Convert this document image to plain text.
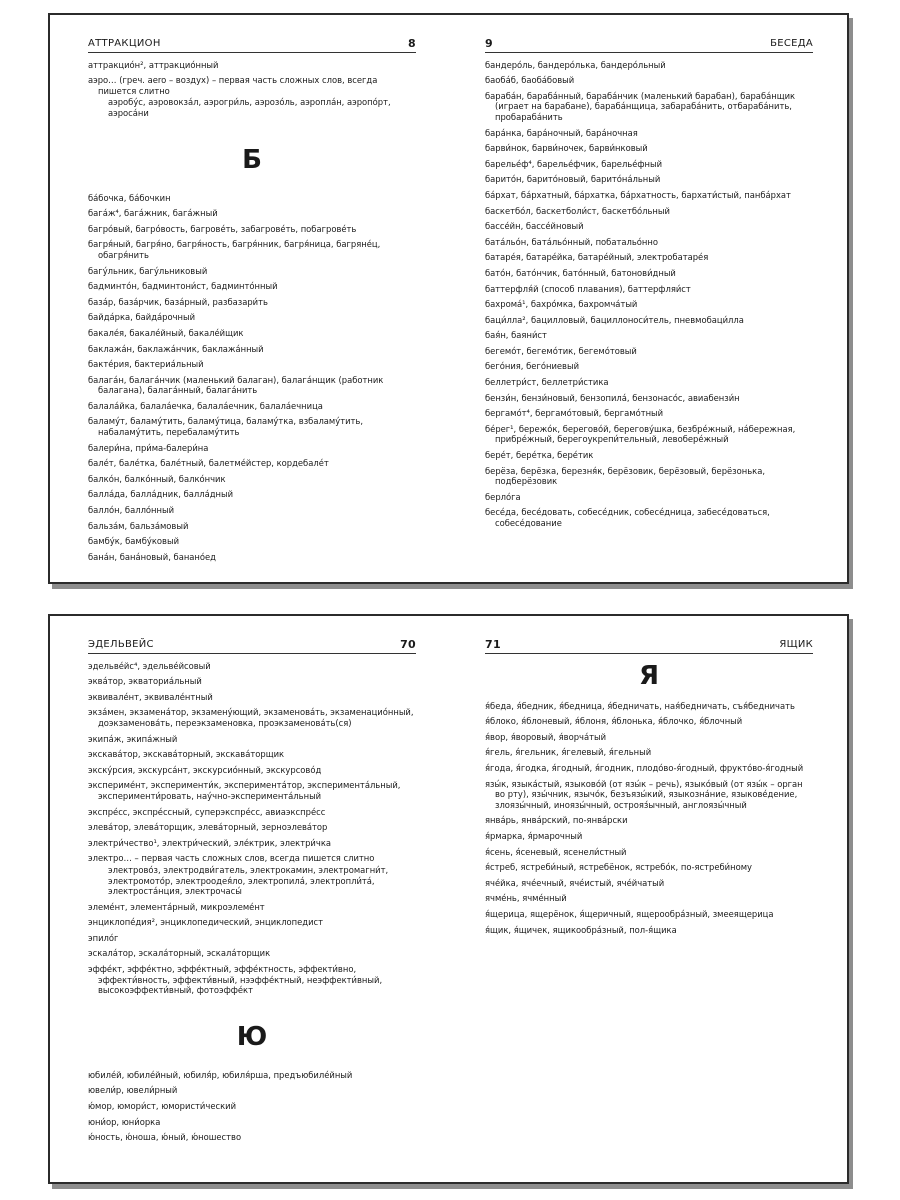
АТТРАКЦИОН	8
аттракцио́н², аттракцио́нный
аэро… (греч. aero – воздух) – первая часть сложных слов, всегда пишется слитно
аэробу́с, аэровокза́л, аэрогри́ль, аэрозо́ль, аэропла́н, аэропо́рт, аэроса́ни
Б
ба́бочка, ба́бочкин
бага́ж⁴, бага́жник, бага́жный
багро́вый, багро́вость, багрове́ть, забагрове́ть, побагрове́ть
багря́ный, багря́но, багря́ность, багря́нник, багря́ница, багряне́ц, обагря́нить
багу́льник, багу́льниковый
бадминто́н, бадминтони́ст, бадминто́нный
база́р, база́рчик, база́рный, разбазари́ть
байда́рка, байда́рочный
бакале́я, бакале́йный, бакале́йщик
баклажа́н, баклажа́нчик, баклажа́нный
бакте́рия, бактериа́льный
балага́н, балага́нчик (маленький балаган), балага́нщик (работник балагана), балага́нный, балага́нить
балала́йка, балала́ечка, балала́ечник, балала́ечница
баламу́т, баламу́тить, баламу́тица, баламу́тка, взбаламу́тить, набаламу́тить, перебаламу́тить
балери́на, при́ма-балери́на
бале́т, бале́тка, бале́тный, балетме́йстер, кордебале́т
балко́н, балко́нный, балко́нчик
балла́да, балла́дник, балла́дный
балло́н, балло́нный
бальза́м, бальза́мовый
бамбу́к, бамбу́ковый
бана́н, бана́новый, банано́ед
9	БЕСЕДА
бандеро́ль, бандеро́лька, бандеро́льный
баоба́б, баоба́бовый
бараба́н, бараба́нный, бараба́нчик (маленький барабан), бараба́нщик (играет на барабане), бараба́нщица, забараба́нить, отбараба́нить, пробараба́нить
бара́нка, бара́ночный, бара́ночная
барви́нок, барви́ночек, барви́нковый
барелье́ф⁴, барелье́фчик, барелье́фный
барито́н, барито́новый, барито́на́льный
ба́рхат, ба́рхатный, ба́рхатка, ба́рхатность, бархати́стый, панба́рхат
баскетбо́л, баскетболи́ст, баскетбо́льный
бассе́йн, бассе́йновый
бата́льо́н, бата́льо́нный, побатальо́нно
батаре́я, батаре́йка, батаре́йный, электробатаре́я
бато́н, бато́нчик, бато́нный, батонови́дный
баттерфля́й (способ плавания), баттерфляи́ст
бахрома́¹, бахро́мка, бахромча́тый
баци́лла², бацилловый, бациллоноси́тель, пневмобаци́лла
бая́н, баяни́ст
бегемо́т, бегемо́тик, бегемо́товый
бего́ния, бего́ниевый
беллетри́ст, беллетри́стика
бензи́н, бензи́новый, бензопила́, бензонасо́с, авиабензи́н
бергамо́т⁴, бергамо́товый, бергамо́тный
бе́рег¹, бережо́к, берегово́й, берегову́шка, безбре́жный, на́бережная, прибре́жный, берегоукрепи́тельный, левобере́жный
бере́т, бере́тка, бере́тик
берёза, берёзка, березня́к, берёзовик, берёзовый, берёзонька, подберёзовик
берло́га
бесе́да, бесе́довать, собесе́дник, собесе́дница, забесе́доваться, собесе́дование
ЭДЕЛЬВЕЙС	70
эдельве́йс⁴, эдельве́йсовый
эква́тор, экваториа́льный
эквивале́нт, эквивале́нтный
экза́мен, экзамена́тор, экзамену́ющий, экзаменова́ть, экзаменацио́нный, доэкзаменова́ть, переэкзаменовка, проэкзаменова́ть(ся)
экипа́ж, экипа́жный
экскава́тор, экскава́торный, экскава́торщик
экску́рсия, экскурса́нт, экскурсио́нный, экскурсово́д
экспериме́нт, эксперименти́к, эксперимента́тор, эксперимента́льный, эксперименти́ровать, нау́чно-эксперимента́льный
экспре́сс, экспре́ссный, суперэкспре́сс, авиаэкспре́сс
элева́тор, элева́торщик, элева́торный, зерноэлева́тор
электри́чество¹, электри́ческий, эле́ктрик, электри́чка
электро… – первая часть сложных слов, всегда пишется слитно
электрово́з, электродви́гатель, электрокамин, электромагни́т, электромото́р, электроодея́ло, электропила́, электропли́та́, электроста́нция, электрочасы́
элеме́нт, элемента́рный, микроэлеме́нт
энциклопе́дия², энциклопедический, энциклопедист
эпило́г
эскала́тор, эскала́торный, эскала́торщик
эффе́кт, эффе́ктно, эффе́ктный, эффе́ктность, эффекти́вно, эффекти́вность, эффекти́вный, нээффе́ктный, неэффекти́вный, высокоэффекти́вный, фотоэффе́кт
Ю
юбиле́й, юбиле́йный, юбиля́р, юбиля́рша, предъюбиле́йный
ювели́р, ювели́рный
ю́мор, юмори́ст, юмористи́ческий
юни́ор, юни́орка
ю́ность, ю́ноша, ю́ный, ю́ношество
71	ЯЩИК
Я
я́беда, я́бедник, я́бедница, я́бедничать, ная́бедничать, съя́бедничать
я́блоко, я́блоневый, я́блоня, я́блонька, я́блочко, я́блочный
я́вор, я́воровый, я́ворча́тый
я́гель, я́гельник, я́гелевый, я́гельный
я́года, я́годка, я́годный, я́годник, плодо́во-я́годный, фрукто́во-я́годный
язы́к, языка́стый, языково́й (от язы́к – речь), языко́вый (от язы́к – орган во рту), язы́чник, язычо́к, безъязы́кий, языкозна́ние, языкове́дение, злоязы́чный, иноязы́чный, острояз́ычный, англоязы́чный
янва́рь, янва́рский, по-янва́рски
я́рмарка, я́рмарочный
я́сень, я́сеневый, ясенели́стный
я́стреб, ястреби́ный, ястребёнок, ястребо́к, по-ястреби́ному
яче́йка, яче́ечный, яче́истый, яче́йчатый
ячме́нь, ячме́нный
я́щерица, ящерёнок, я́щеричный, ящерообра́зный, змееящерица
я́щик, я́щичек, ящикообра́зный, пол-я́щика
